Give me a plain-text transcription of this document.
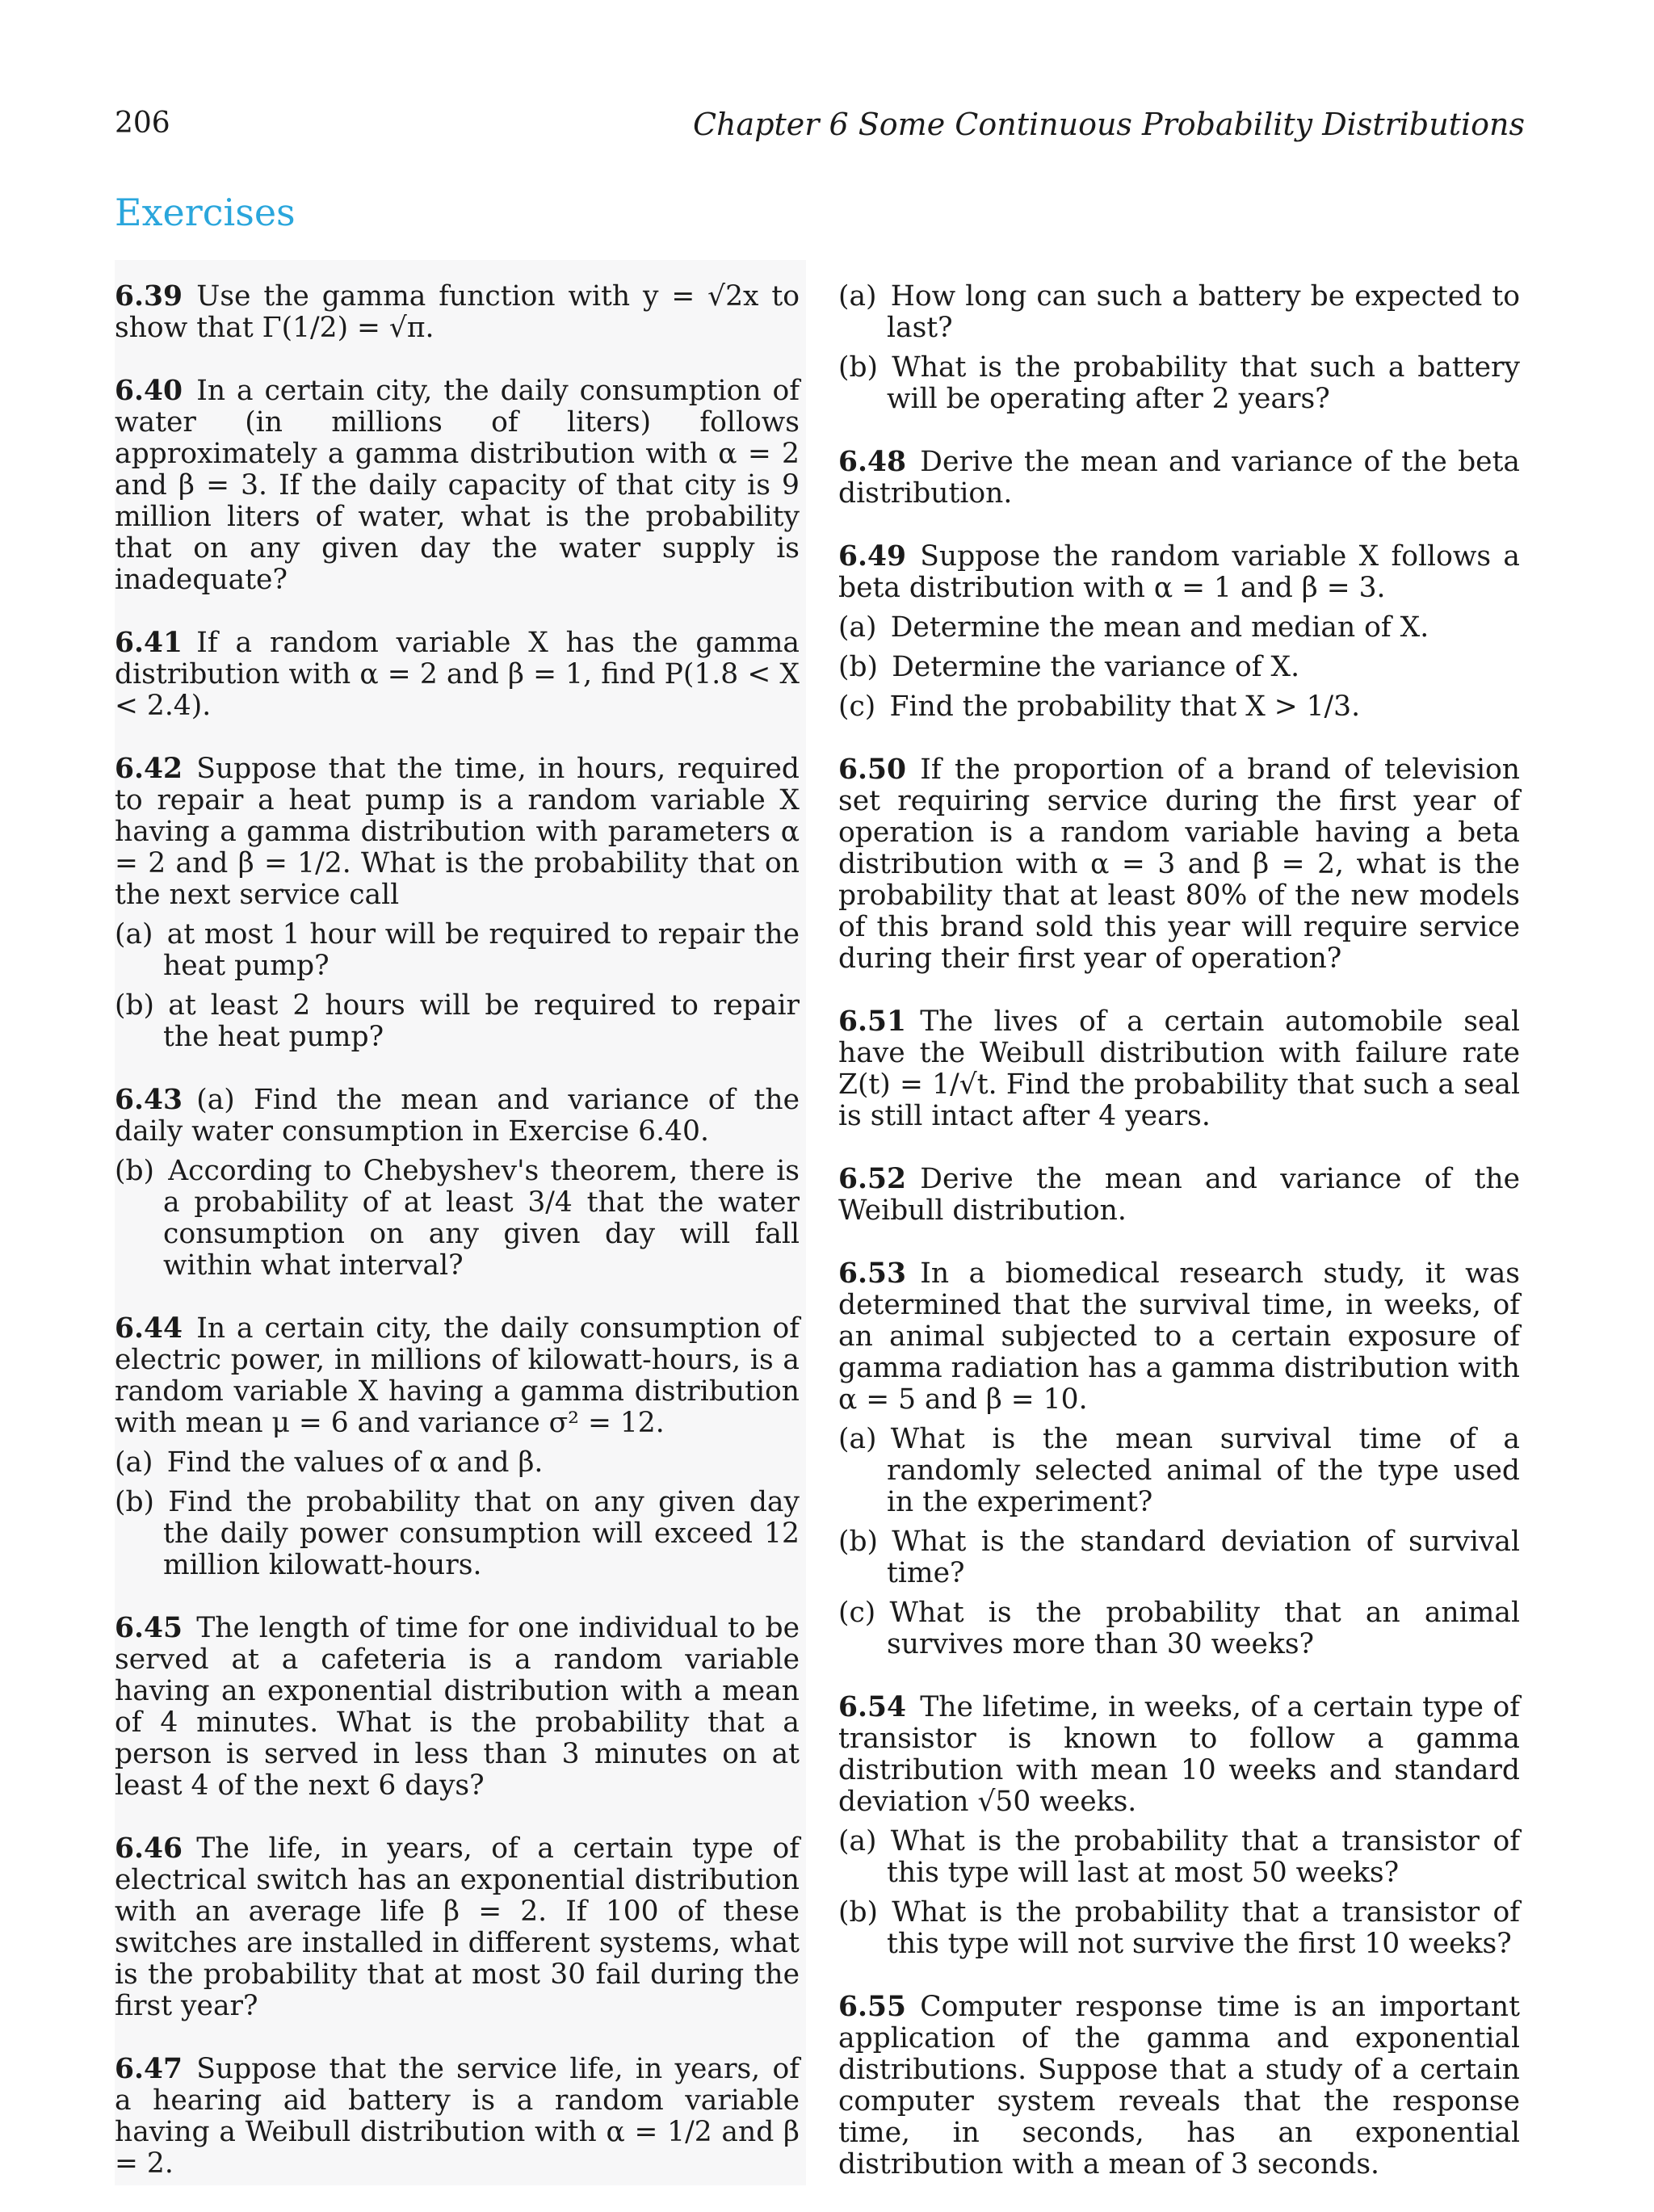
206	Chapter 6 Some Continuous Probability Distributions
Exercises
6.39  Use the gamma function with y = √2x to show that Γ(1/2) = √π.
6.40  In a certain city, the daily consumption of water (in millions of liters) follows approximately a gamma distribution with α = 2 and β = 3. If the daily capacity of that city is 9 million liters of water, what is the probability that on any given day the water supply is inadequate?
6.41  If a random variable X has the gamma distribution with α = 2 and β = 1, find P(1.8 < X < 2.4).
6.42  Suppose that the time, in hours, required to repair a heat pump is a random variable X having a gamma distribution with parameters α = 2 and β = 1/2. What is the probability that on the next service call
(a)  at most 1 hour will be required to repair the heat pump?
(b)  at least 2 hours will be required to repair the heat pump?
6.43  (a) Find the mean and variance of the daily water consumption in Exercise 6.40.
(b)  According to Chebyshev's theorem, there is a probability of at least 3/4 that the water consumption on any given day will fall within what interval?
6.44  In a certain city, the daily consumption of electric power, in millions of kilowatt-hours, is a random variable X having a gamma distribution with mean μ = 6 and variance σ² = 12.
(a)  Find the values of α and β.
(b)  Find the probability that on any given day the daily power consumption will exceed 12 million kilowatt-hours.
6.45  The length of time for one individual to be served at a cafeteria is a random variable having an exponential distribution with a mean of 4 minutes. What is the probability that a person is served in less than 3 minutes on at least 4 of the next 6 days?
6.46  The life, in years, of a certain type of electrical switch has an exponential distribution with an average life β = 2. If 100 of these switches are installed in different systems, what is the probability that at most 30 fail during the first year?
6.47  Suppose that the service life, in years, of a hearing aid battery is a random variable having a Weibull distribution with α = 1/2 and β = 2.
(a)  How long can such a battery be expected to last?
(b)  What is the probability that such a battery will be operating after 2 years?
6.48  Derive the mean and variance of the beta distribution.
6.49  Suppose the random variable X follows a beta distribution with α = 1 and β = 3.
(a)  Determine the mean and median of X.
(b)  Determine the variance of X.
(c)  Find the probability that X > 1/3.
6.50  If the proportion of a brand of television set requiring service during the first year of operation is a random variable having a beta distribution with α = 3 and β = 2, what is the probability that at least 80% of the new models of this brand sold this year will require service during their first year of operation?
6.51  The lives of a certain automobile seal have the Weibull distribution with failure rate Z(t) = 1/√t. Find the probability that such a seal is still intact after 4 years.
6.52  Derive the mean and variance of the Weibull distribution.
6.53  In a biomedical research study, it was determined that the survival time, in weeks, of an animal subjected to a certain exposure of gamma radiation has a gamma distribution with α = 5 and β = 10.
(a)  What is the mean survival time of a randomly selected animal of the type used in the experiment?
(b)  What is the standard deviation of survival time?
(c)  What is the probability that an animal survives more than 30 weeks?
6.54  The lifetime, in weeks, of a certain type of transistor is known to follow a gamma distribution with mean 10 weeks and standard deviation √50 weeks.
(a)  What is the probability that a transistor of this type will last at most 50 weeks?
(b)  What is the probability that a transistor of this type will not survive the first 10 weeks?
6.55  Computer response time is an important application of the gamma and exponential distributions. Suppose that a study of a certain computer system reveals that the response time, in seconds, has an exponential distribution with a mean of 3 seconds.
